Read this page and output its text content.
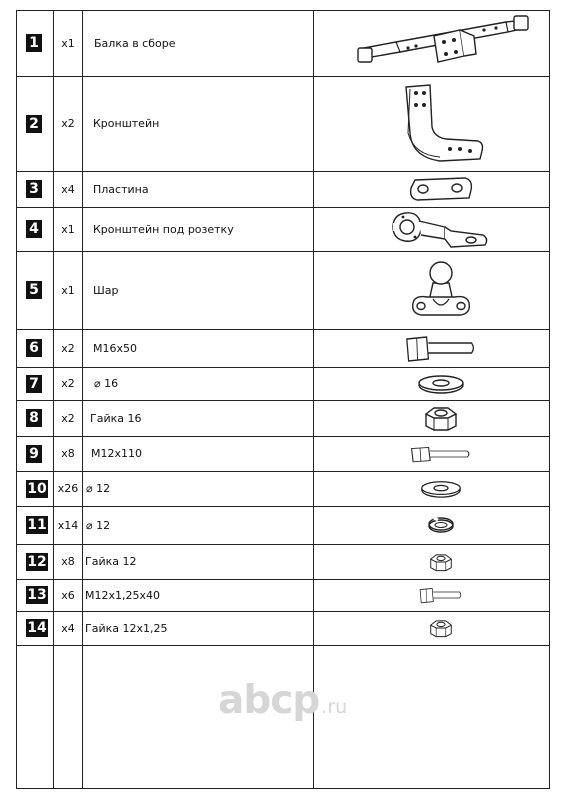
1	x1	Балка в сборе
2	x2	Кронштейн
3	x4	Пластина
4	x1	Кронштейн под розетку
5	x1	Шар
6	x2	M16x50
7	x2	⌀ 16
8	x2	Гайка 16
9	x8	M12x110
10	x26 ⌀ 12
11	x14 ⌀ 12
12	x8 Гайка 12
13	x6 M12x1,25x40
14	x4 Гайка 12x1,25
abcp .ru
